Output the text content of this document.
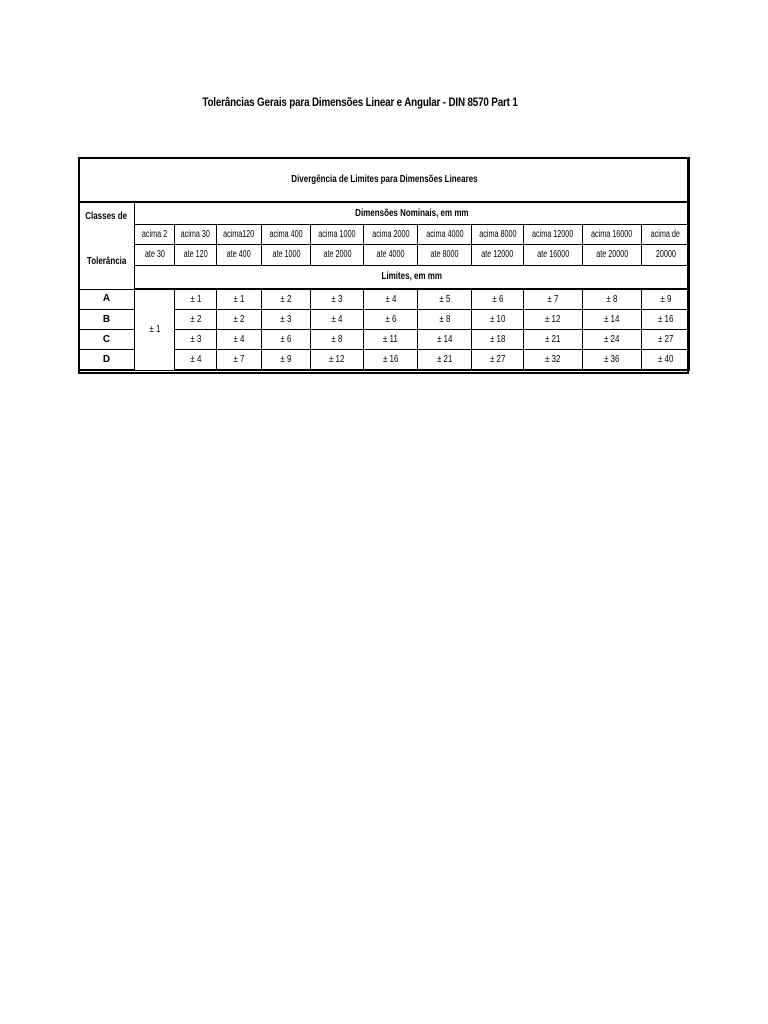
Tolerâncias Gerais para Dimensões Linear e Angular - DIN 8570 Part 1
Divergência de Limites para Dimensões Lineares											

Classes de
Tolerância	Dimensões Nominais, em mm										
	acima 2	acima 30	acima120	acima 400	acima 1000	acima 2000	acima 4000	acima 8000	acima 12000	acima 16000	acima de
	ate 30	ate 120	ate 400	ate 1000	ate 2000	ate 4000	ate 8000	ate 12000	ate 16000	ate 20000	20000
	Limites, em mm										
A	± 1	± 1	± 1	± 2	± 3	± 4	± 5	± 6	± 7	± 8	± 9
B		± 2	± 2	± 3	± 4	± 6	± 8	± 10	± 12	± 14	± 16
C		± 3	± 4	± 6	± 8	± 11	± 14	± 18	± 21	± 24	± 27
D		± 4	± 7	± 9	± 12	± 16	± 21	± 27	± 32	± 36	± 40
